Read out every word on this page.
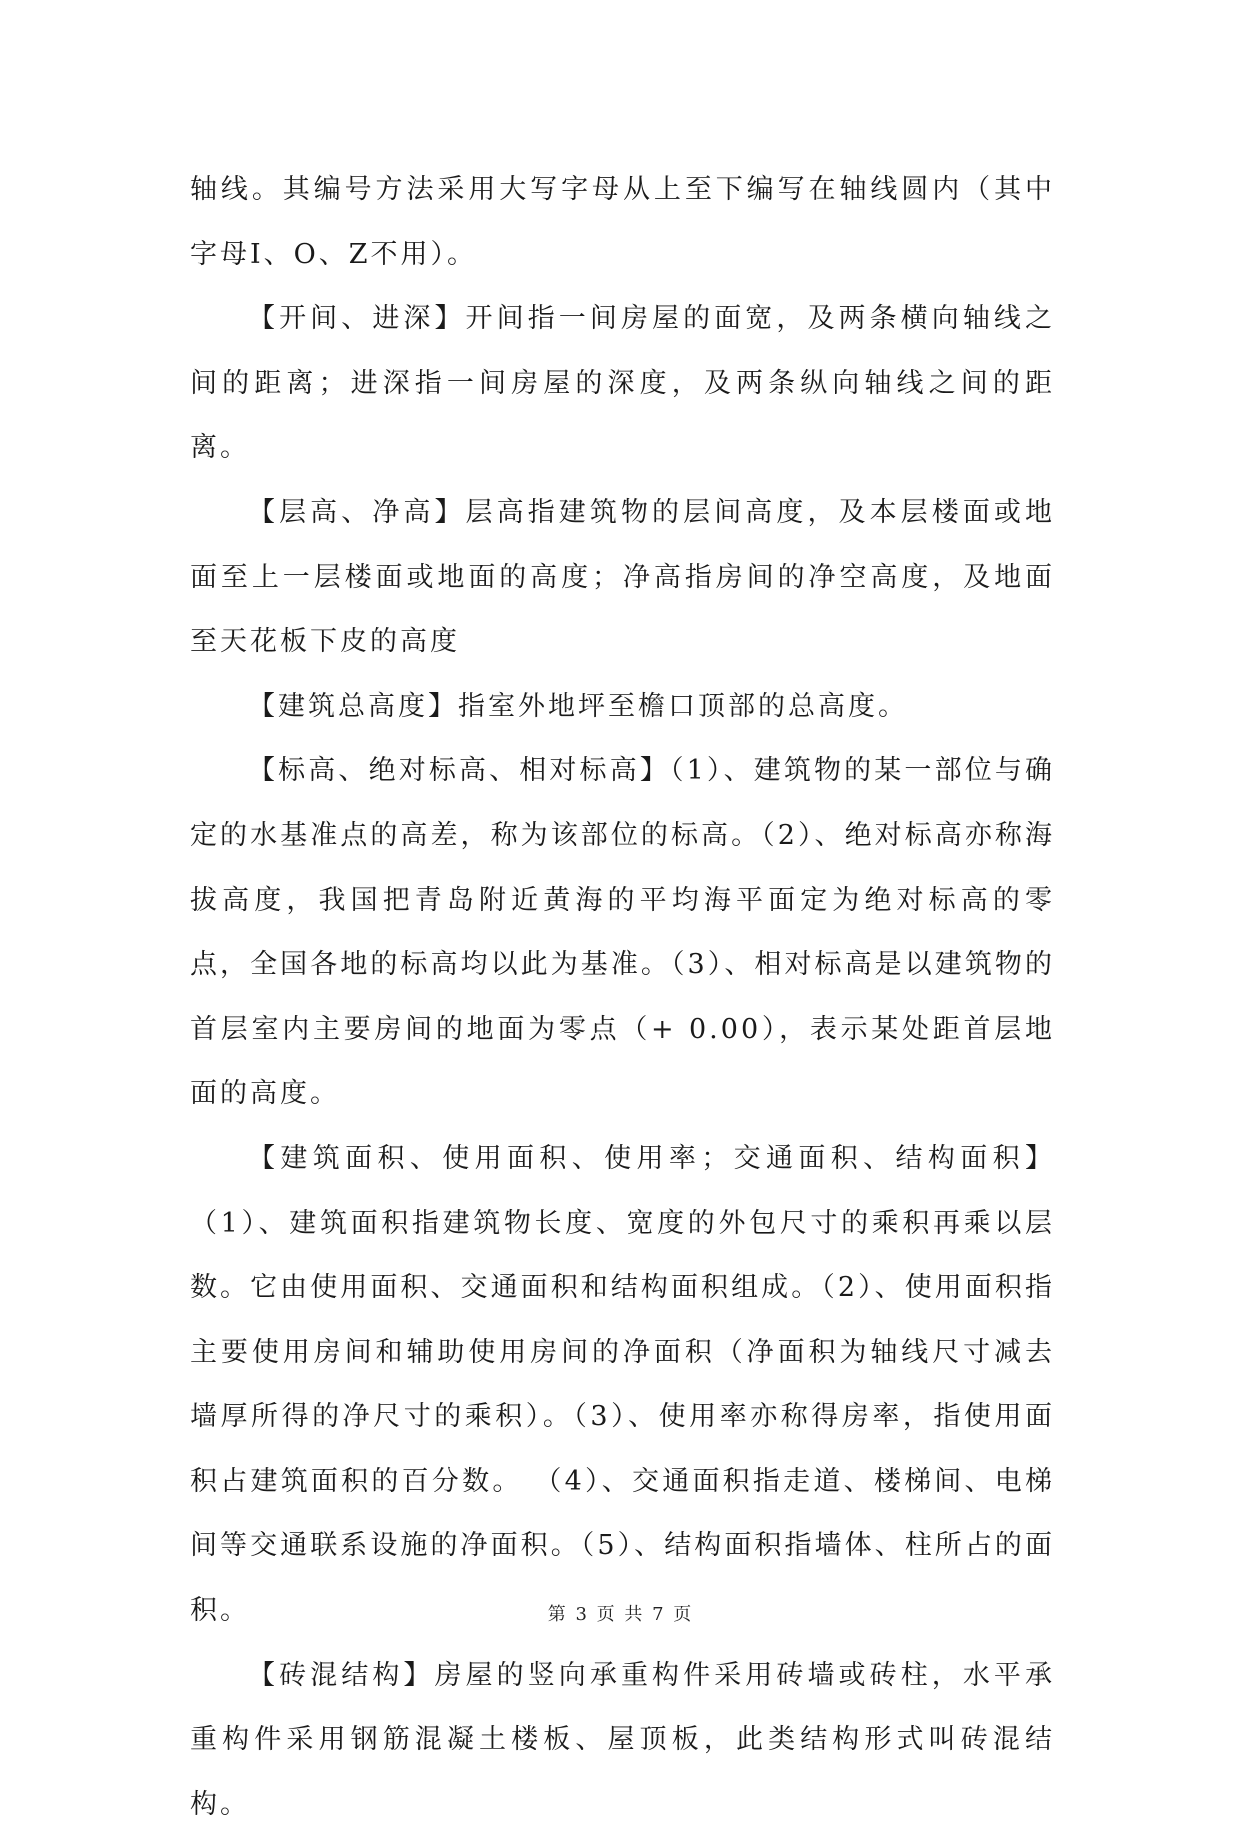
轴线。其编号方法采用大写字母从上至下编写在轴线圆内（其中字母I、O、Z不用）。

【开间、进深】开间指一间房屋的面宽，及两条横向轴线之间的距离；进深指一间房屋的深度，及两条纵向轴线之间的距离。

【层高、净高】层高指建筑物的层间高度，及本层楼面或地面至上一层楼面或地面的高度；净高指房间的净空高度，及地面至天花板下皮的高度

【建筑总高度】指室外地坪至檐口顶部的总高度。

【标高、绝对标高、相对标高】（1）、建筑物的某一部位与确定的水基准点的高差，称为该部位的标高。（2）、绝对标高亦称海拔高度，我国把青岛附近黄海的平均海平面定为绝对标高的零点，全国各地的标高均以此为基准。（3）、相对标高是以建筑物的首层室内主要房间的地面为零点（+ 0.00），表示某处距首层地面的高度。

【建筑面积、使用面积、使用率；交通面积、结构面积】（1）、建筑面积指建筑物长度、宽度的外包尺寸的乘积再乘以层数。它由使用面积、交通面积和结构面积组成。（2）、使用面积指主要使用房间和辅助使用房间的净面积（净面积为轴线尺寸减去墙厚所得的净尺寸的乘积）。（3）、使用率亦称得房率，指使用面积占建筑面积的百分数。 （4）、交通面积指走道、楼梯间、电梯间等交通联系设施的净面积。（5）、结构面积指墙体、柱所占的面积。

【砖混结构】房屋的竖向承重构件采用砖墙或砖柱，水平承重构件采用钢筋混凝土楼板、屋顶板，此类结构形式叫砖混结构。

第 3 页 共 7 页
